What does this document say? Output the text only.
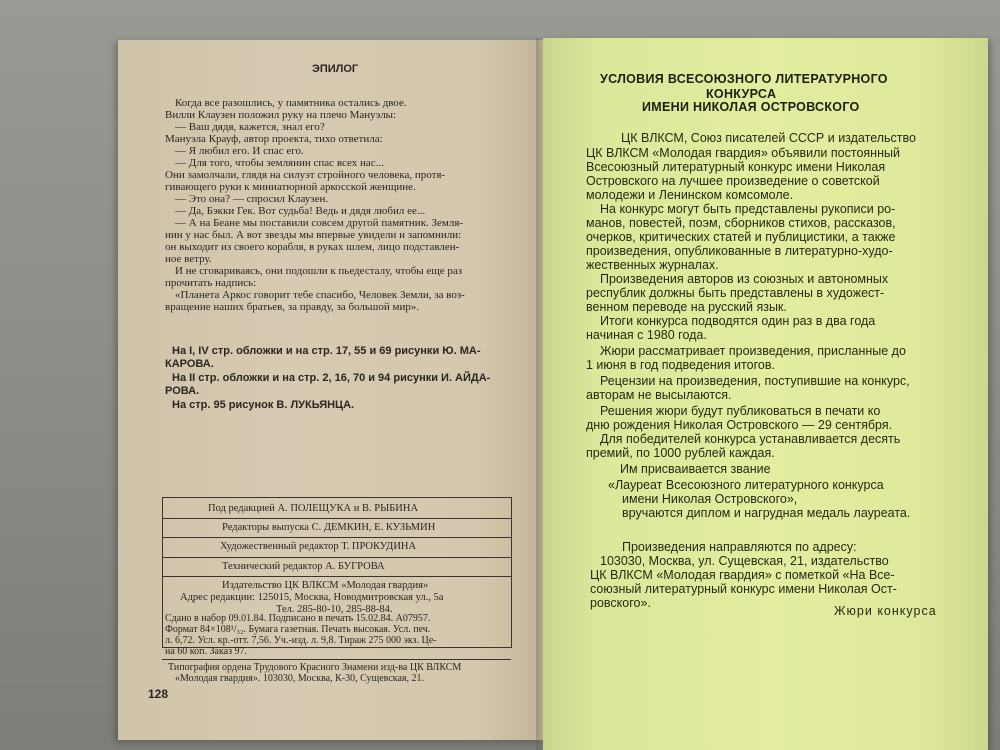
ЭПИЛОГ
Когда все разошлись, у памятника остались двое.
Вилли Клаузен положил руку на плечо Мануэлы:
— Ваш дядя, кажется, знал его?
Мануэла Крауф, автор проекта, тихо ответила:
— Я любил его. И спас его.
— Для того, чтобы землянин спас всех нас...
Они замолчали, глядя на силуэт стройного человека, протя-
гивающего руки к миниатюрной аркосской женщине.
— Это она? — спросил Клаузен.
— Да, Бэкки Гек. Вот судьба! Ведь и дядя любил ее...
— А на Беане мы поставили совсем другой памятник. Земля-
нин у нас был. А вот звезды мы впервые увидели и запомнили:
он выходит из своего корабля, в руках шлем, лицо подставлен-
ное ветру.
И не сговариваясь, они подошли к пьедесталу, чтобы еще раз
прочитать надпись:
«Планета Аркос говорит тебе спасибо, Человек Земли, за воз-
вращение наших братьев, за правду, за большой мир».
На I, IV стр. обложки и на стр. 17, 55 и 69 рисунки Ю. МА-
КАРОВА.
На II стр. обложки и на стр. 2, 16, 70 и 94 рисунки И. АЙДА-
РОВА.
На стр. 95 рисунок В. ЛУКЬЯНЦА.
Под редакцией А. ПОЛЕЩУКА и В. РЫБИНА
Редакторы выпуска С. ДЕМКИН, Е. КУЗЬМИН
Художественный редактор Т. ПРОКУДИНА
Технический редактор А. БУГРОВА
Издательство ЦК ВЛКСМ «Молодая гвардия»
Адрес редакции: 125015, Москва, Новодмитровская ул., 5а
Тел. 285-80-10, 285-88-84.
Сдано в набор 09.01.84. Подписано в печать 15.02.84. А07957.
Формат 84×108¹/₃₂. Бумага газетная. Печать высокая. Усл. печ.
л. 6,72. Усл. кр.-отт. 7,56. Уч.-изд. л. 9,8. Тираж 275 000 экз. Це-
на 60 коп. Заказ 97.
Типография ордена Трудового Красного Знамени изд-ва ЦК ВЛКСМ
«Молодая гвардия». 103030, Москва, К-30, Сущевская, 21.
128
УСЛОВИЯ ВСЕСОЮЗНОГО ЛИТЕРАТУРНОГО
КОНКУРСА
ИМЕНИ НИКОЛАЯ ОСТРОВСКОГО
ЦК ВЛКСМ, Союз писателей СССР и издательство
ЦК ВЛКСМ «Молодая гвардия» объявили постоянный
Всесоюзный литературный конкурс имени Николая
Островского на лучшее произведение о советской
молодежи и Ленинском комсомоле.
На конкурс могут быть представлены рукописи ро-
манов, повестей, поэм, сборников стихов, рассказов,
очерков, критических статей и публицистики, а также
произведения, опубликованные в литературно-худо-
жественных журналах.
Произведения авторов из союзных и автономных
республик должны быть представлены в художест-
венном переводе на русский язык.
Итоги конкурса подводятся один раз в два года
начиная с 1980 года.
Жюри рассматривает произведения, присланные до
1 июня в год подведения итогов.
Рецензии на произведения, поступившие на конкурс,
авторам не высылаются.
Решения жюри будут публиковаться в печати ко
дню рождения Николая Островского — 29 сентября.
Для победителей конкурса устанавливается десять
премий, по 1000 рублей каждая.
Им присваивается звание
«Лауреат Всесоюзного литературного конкурса
имени Николая Островского»,
вручаются диплом и нагрудная медаль лауреата.
Произведения направляются по адресу:
103030, Москва, ул. Сущевская, 21, издательство
ЦК ВЛКСМ «Молодая гвардия» с пометкой «На Все-
союзный литературный конкурс имени Николая Ост-
ровского».
Жюри конкурса
